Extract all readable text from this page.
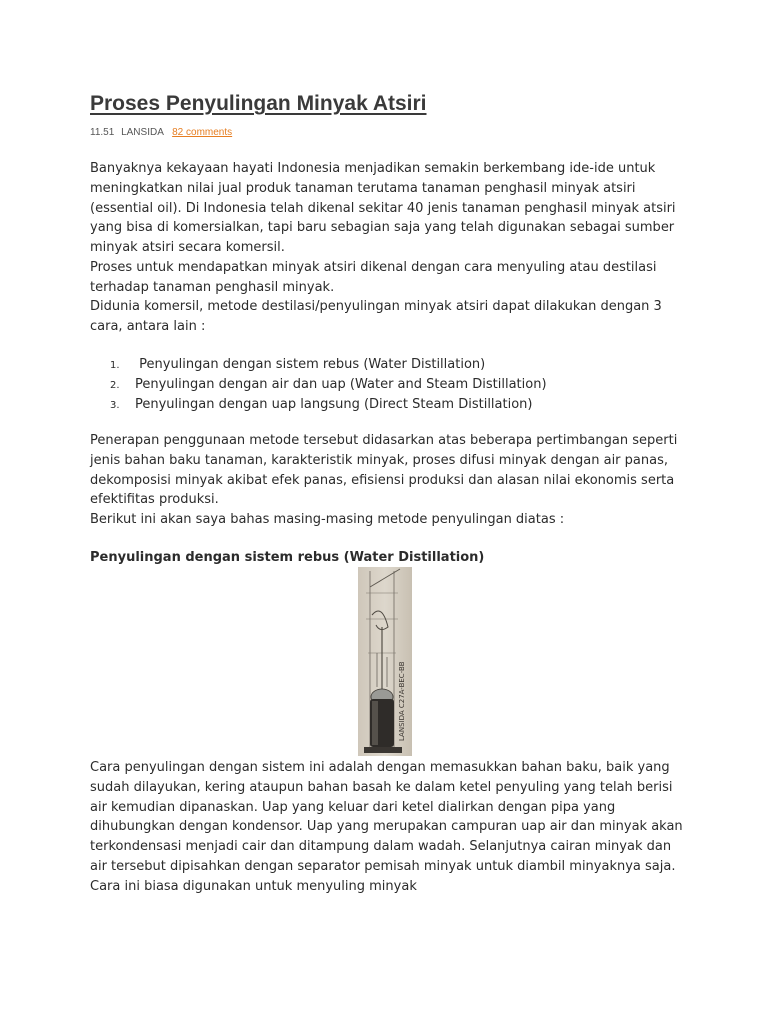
Proses Penyulingan Minyak Atsiri
11.51 LANSIDA 82 comments

Banyaknya kekayaan hayati Indonesia menjadikan semakin berkembang ide-ide untuk meningkatkan nilai jual produk tanaman terutama tanaman penghasil minyak atsiri (essential oil). Di Indonesia telah dikenal sekitar 40 jenis tanaman penghasil minyak atsiri yang bisa di komersialkan, tapi baru sebagian saja yang telah digunakan sebagai sumber minyak atsiri secara komersil.

Proses untuk mendapatkan minyak atsiri dikenal dengan cara menyuling atau destilasi terhadap tanaman penghasil minyak.

Didunia komersil, metode destilasi/penyulingan minyak atsiri dapat dilakukan dengan 3 cara, antara lain :

1. Penyulingan dengan sistem rebus (Water Distillation)
2. Penyulingan dengan air dan uap (Water and Steam Distillation)
3. Penyulingan dengan uap langsung (Direct Steam Distillation)

Penerapan penggunaan metode tersebut didasarkan atas beberapa pertimbangan seperti jenis bahan baku tanaman, karakteristik minyak, proses difusi minyak dengan air panas, dekomposisi minyak akibat efek panas, efisiensi produksi dan alasan nilai ekonomis serta efektifitas produksi.

Berikut ini akan saya bahas masing-masing metode penyulingan diatas :

Penyulingan dengan sistem rebus (Water Distillation)
LANSIDA C27A-BEC-BB

Cara penyulingan dengan sistem ini adalah dengan memasukkan bahan baku, baik yang sudah dilayukan, kering ataupun bahan basah ke dalam ketel penyuling yang telah berisi air kemudian dipanaskan. Uap yang keluar dari ketel dialirkan dengan pipa yang dihubungkan dengan kondensor. Uap yang merupakan campuran uap air dan minyak akan terkondensasi menjadi cair dan ditampung dalam wadah. Selanjutnya cairan minyak dan air tersebut dipisahkan dengan separator pemisah minyak untuk diambil minyaknya saja. Cara ini biasa digunakan untuk menyuling minyak
